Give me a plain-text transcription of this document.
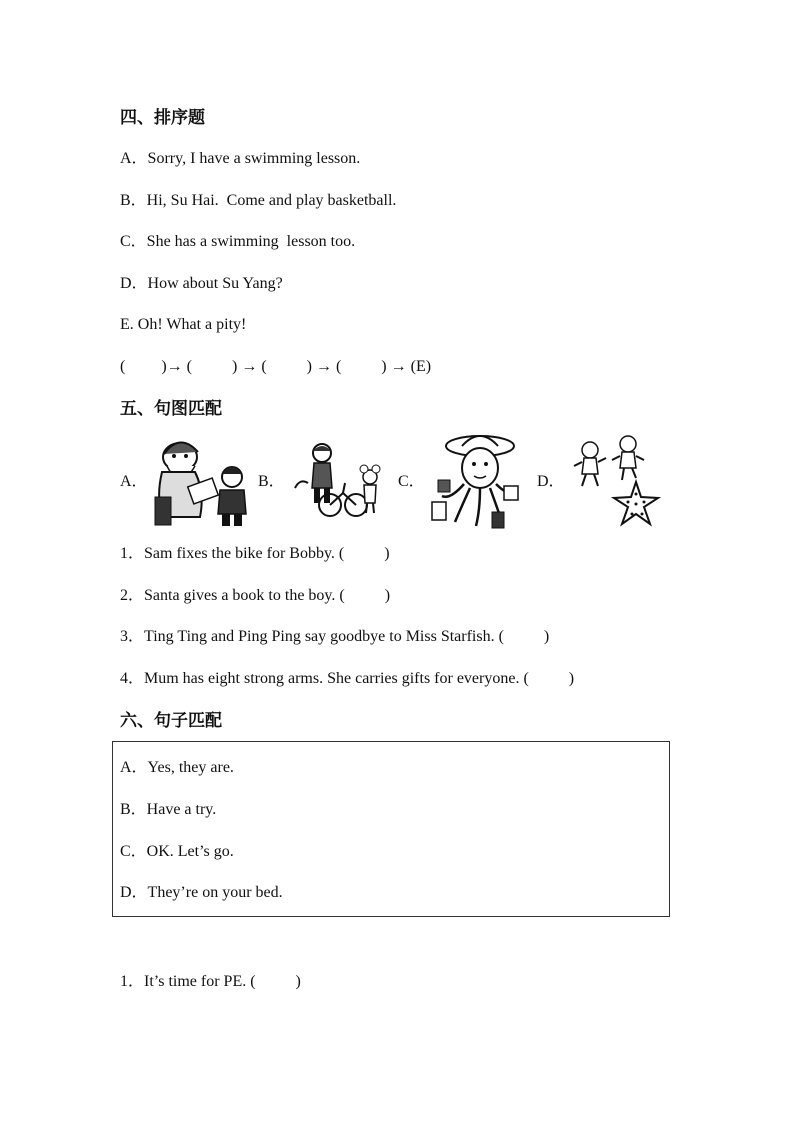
四、排序题
A．Sorry, I have a swimming lesson.
B．Hi, Su Hai.  Come and play basketball.
C．She has a swimming  lesson too.
D．How about Su Yang?
E. Oh! What a pity!
(         )→ (          ) → (          ) → (          ) → (E)
五、句图匹配
A．	B．	C．	D．
1．Sam fixes the bike for Bobby. (          )
2．Santa gives a book to the boy. (          )
3．Ting Ting and Ping Ping say goodbye to Miss Starfish. (          )
4．Mum has eight strong arms. She carries gifts for everyone. (          )
六、句子匹配
A．Yes, they are.
B．Have a try.
C．OK. Let’s go.
D．They’re on your bed.
1．It’s time for PE. (          )
